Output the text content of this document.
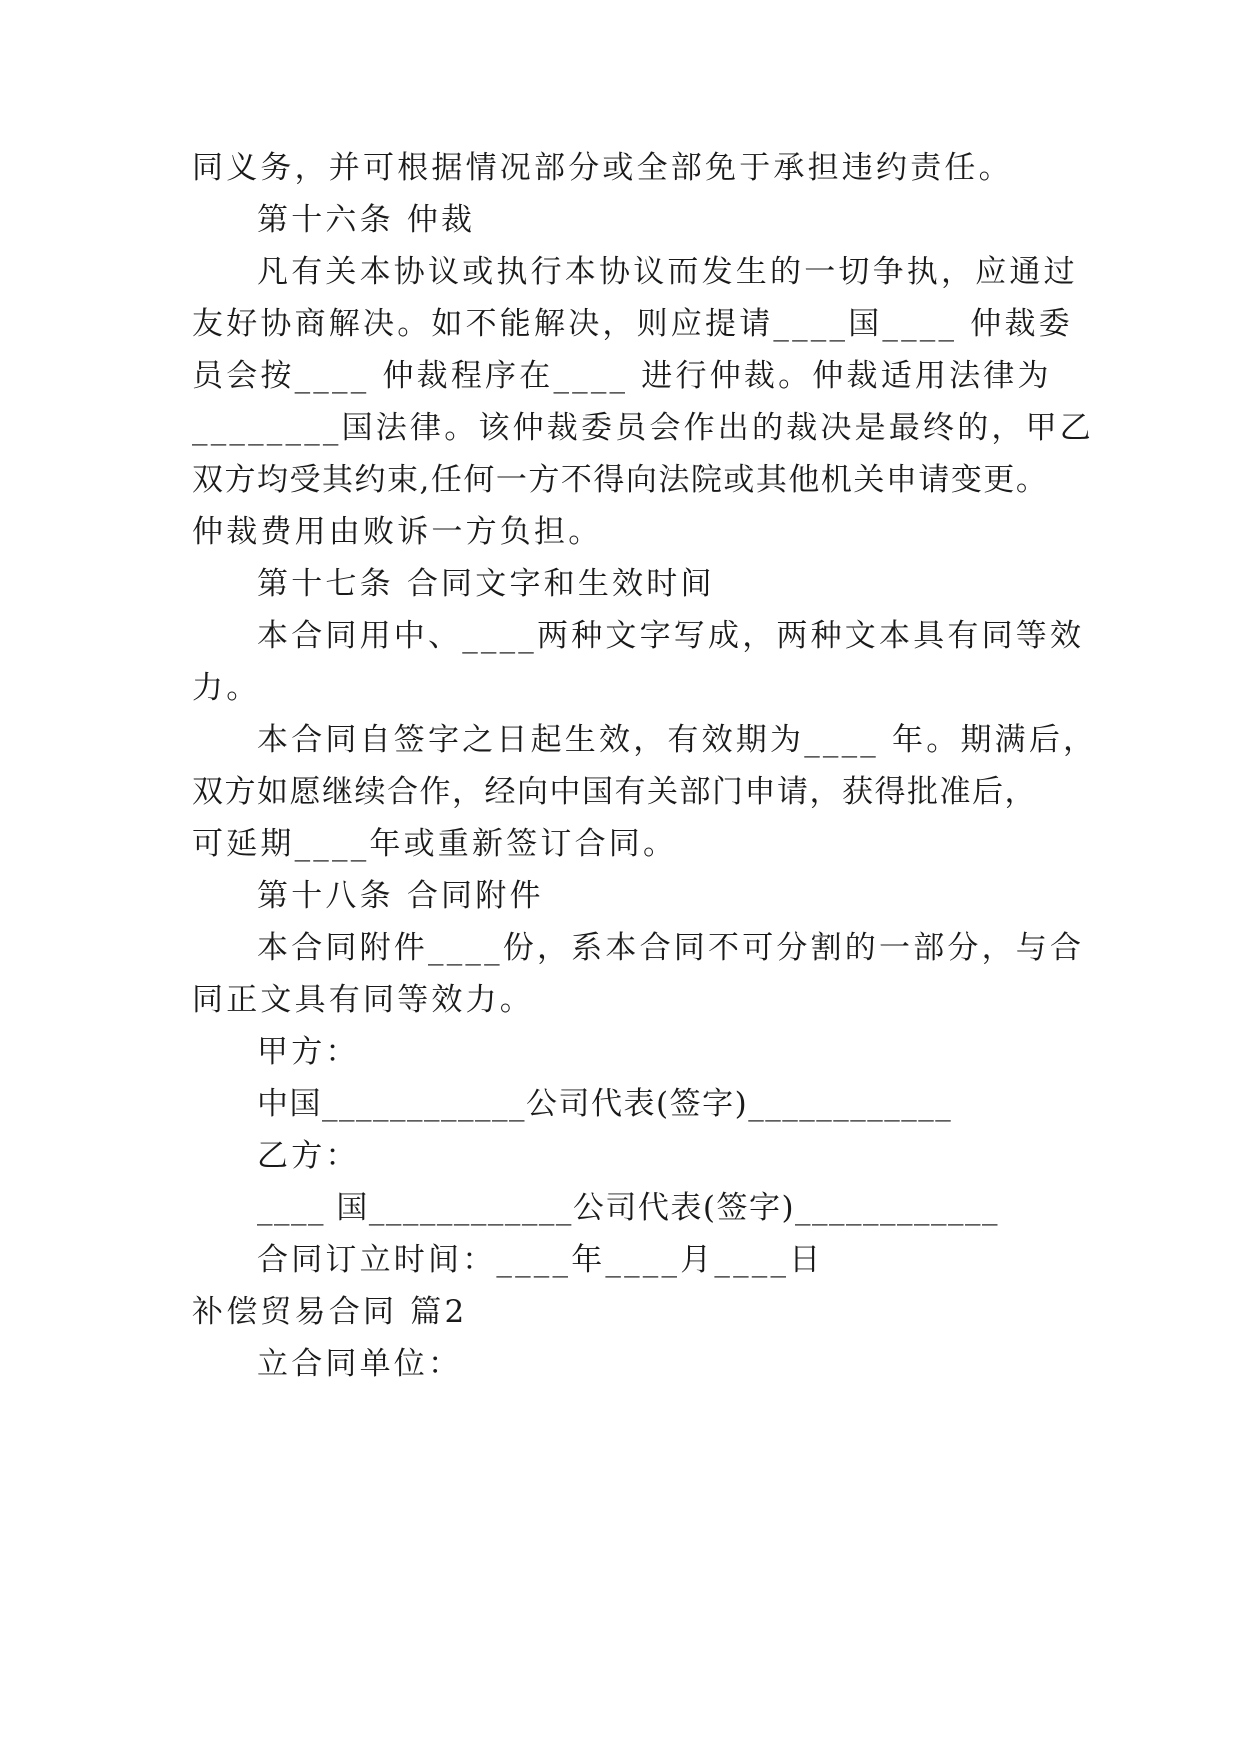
同义务，并可根据情况部分或全部免于承担违约责任。
第十六条 仲裁
凡有关本协议或执行本协议而发生的一切争执，应通过
友好协商解决。如不能解决，则应提请____国____ 仲裁委
员会按____ 仲裁程序在____ 进行仲裁。仲裁适用法律为
________国法律。该仲裁委员会作出的裁决是最终的，甲乙
双方均受其约束,任何一方不得向法院或其他机关申请变更。
仲裁费用由败诉一方负担。
第十七条 合同文字和生效时间
本合同用中、____两种文字写成，两种文本具有同等效
力。
本合同自签字之日起生效，有效期为____ 年。期满后，
双方如愿继续合作，经向中国有关部门申请，获得批准后，
可延期____年或重新签订合同。
第十八条 合同附件
本合同附件____份，系本合同不可分割的一部分，与合
同正文具有同等效力。
甲方：
中国____________公司代表(签字)____________
乙方：
____ 国____________公司代表(签字)____________
合同订立时间：____年____月____日
补偿贸易合同 篇2
立合同单位：
